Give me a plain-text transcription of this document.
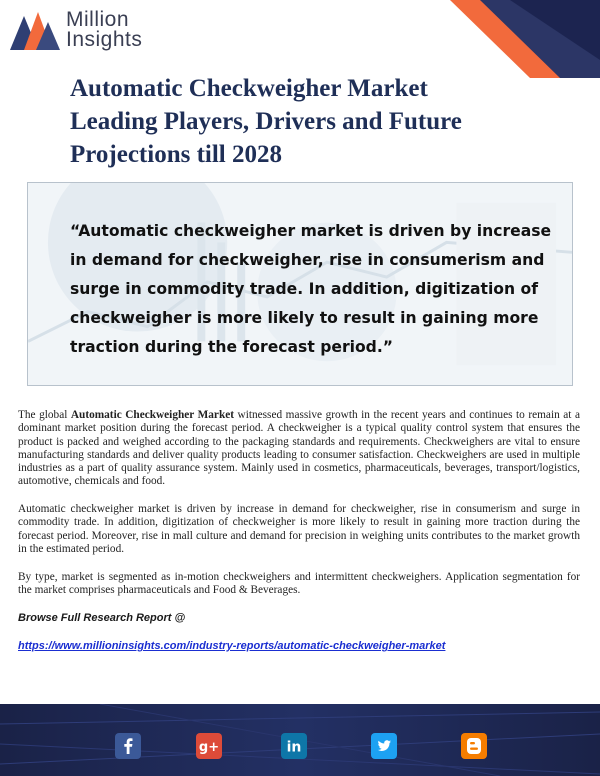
Million
Insights
Automatic Checkweigher Market Leading Players, Drivers and Future Projections till 2028

“Automatic checkweigher market is driven by increase in demand for checkweigher, rise in consumerism and surge in commodity trade. In addition, digitization of checkweigher is more likely to result in gaining more traction during the forecast period.”

The global Automatic Checkweigher Market witnessed massive growth in the recent years and continues to remain at a dominant market position during the forecast period. A checkweigher is a typical quality control system that ensures the product is packed and weighed according to the packaging standards and requirements. Checkweighers are vital to ensure manufacturing standards and deliver quality products leading to consumer satisfaction. Checkweighers are used in multiple industries as a part of quality assurance system. Mainly used in cosmetics, pharmaceuticals, beverages, transport/logistics, automotive, chemicals and food.

Automatic checkweigher market is driven by increase in demand for checkweigher, rise in consumerism and surge in commodity trade. In addition, digitization of checkweigher is more likely to result in gaining more traction during the forecast period. Moreover, rise in mall culture and demand for precision in weighing units contributes to the market growth in the estimated period.

By type, market is segmented as in-motion checkweighers and intermittent checkweighers. Application segmentation for the market comprises pharmaceuticals and Food & Beverages.

Browse Full Research Report @

https://www.millioninsights.com/industry-reports/automatic-checkweigher-market
g+	in
